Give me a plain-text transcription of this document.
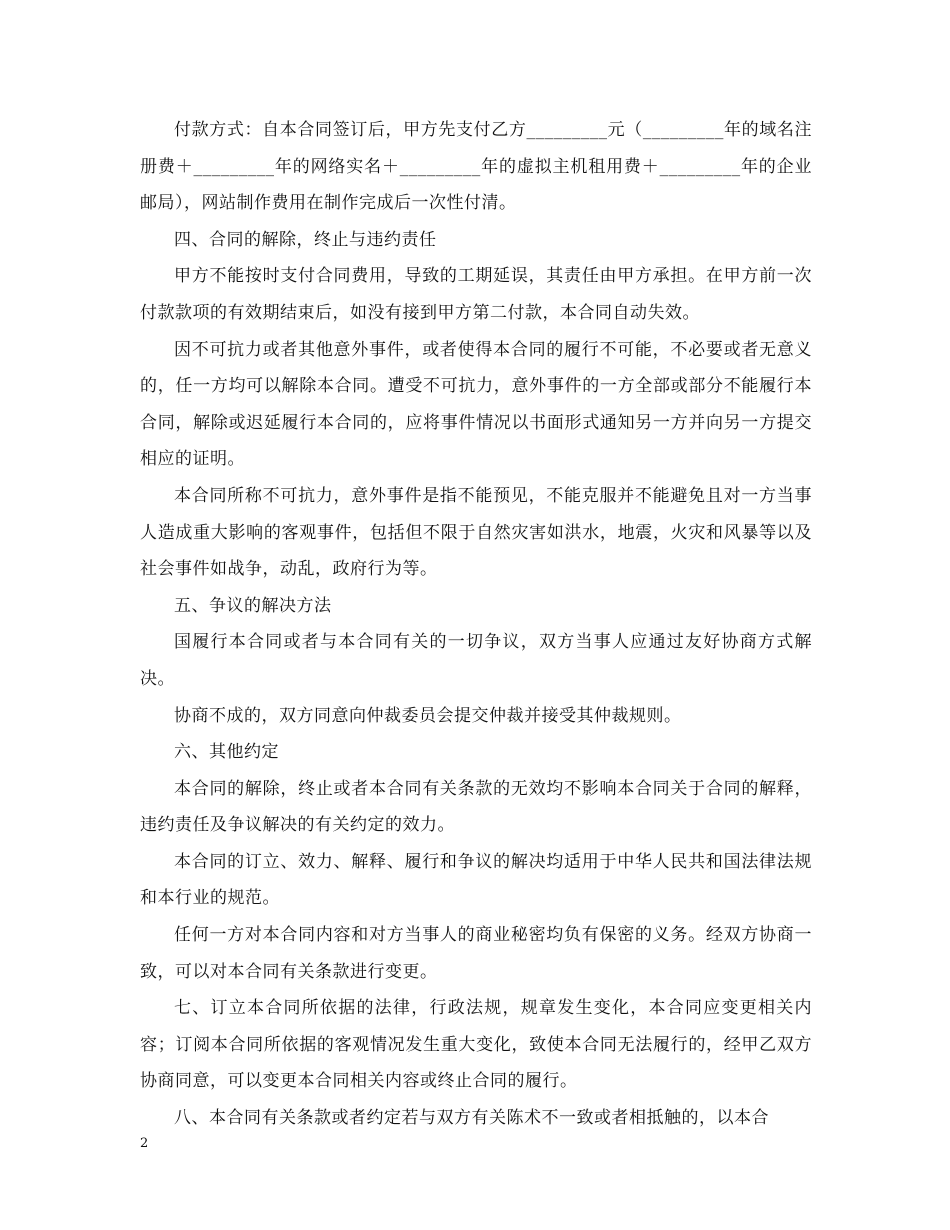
付款方式：自本合同签订后，甲方先支付乙方_________元（_________年的域名注册费＋_________年的网络实名＋_________年的虚拟主机租用费＋_________年的企业邮局），网站制作费用在制作完成后一次性付清。

四、合同的解除，终止与违约责任

甲方不能按时支付合同费用，导致的工期延误，其责任由甲方承担。在甲方前一次付款款项的有效期结束后，如没有接到甲方第二付款，本合同自动失效。

因不可抗力或者其他意外事件，或者使得本合同的履行不可能，不必要或者无意义的，任一方均可以解除本合同。遭受不可抗力，意外事件的一方全部或部分不能履行本合同，解除或迟延履行本合同的，应将事件情况以书面形式通知另一方并向另一方提交相应的证明。

本合同所称不可抗力，意外事件是指不能预见，不能克服并不能避免且对一方当事人造成重大影响的客观事件，包括但不限于自然灾害如洪水，地震，火灾和风暴等以及社会事件如战争，动乱，政府行为等。

五、争议的解决方法

国履行本合同或者与本合同有关的一切争议，双方当事人应通过友好协商方式解决。

协商不成的，双方同意向仲裁委员会提交仲裁并接受其仲裁规则。

六、其他约定

本合同的解除，终止或者本合同有关条款的无效均不影响本合同关于合同的解释，违约责任及争议解决的有关约定的效力。

本合同的订立、效力、解释、履行和争议的解决均适用于中华人民共和国法律法规和本行业的规范。

任何一方对本合同内容和对方当事人的商业秘密均负有保密的义务。经双方协商一致，可以对本合同有关条款进行变更。

七、订立本合同所依据的法律，行政法规，规章发生变化，本合同应变更相关内容；订阅本合同所依据的客观情况发生重大变化，致使本合同无法履行的，经甲乙双方协商同意，可以变更本合同相关内容或终止合同的履行。

八、本合同有关条款或者约定若与双方有关陈术不一致或者相抵触的，以本合

2
